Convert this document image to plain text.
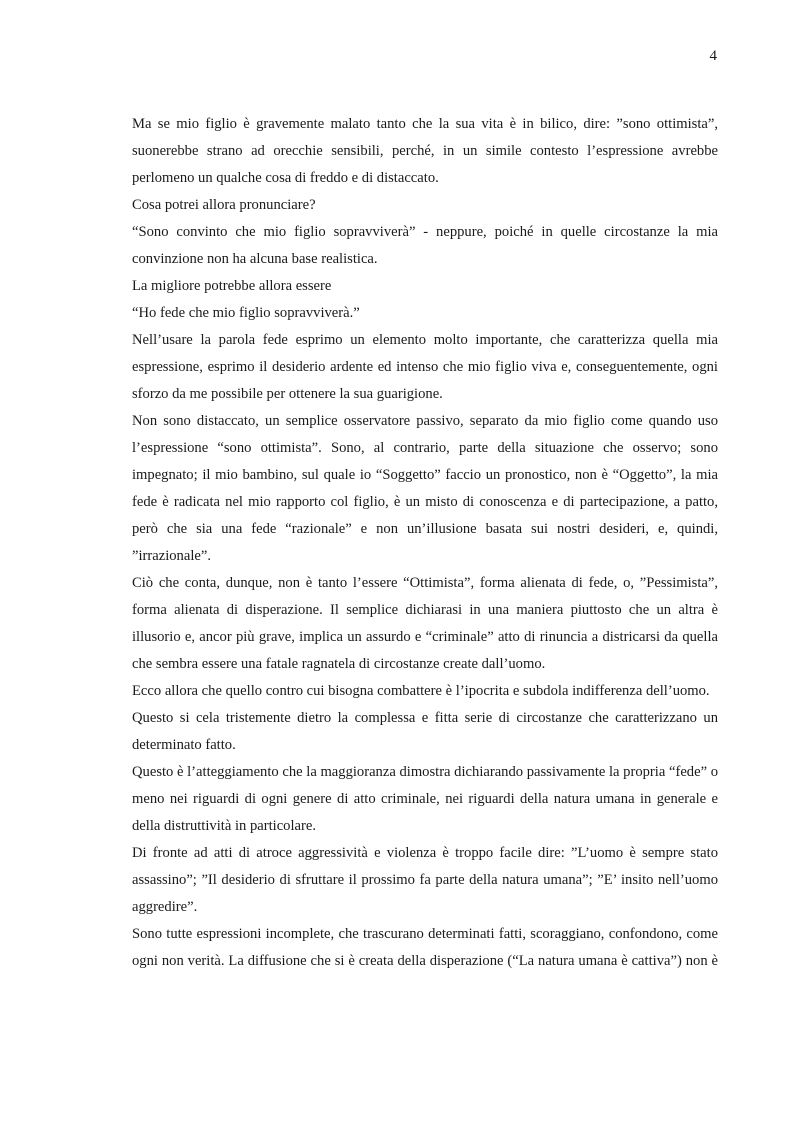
4

Ma se mio figlio è gravemente malato tanto che la sua vita è in bilico, dire: ”sono ottimista”, suonerebbe strano ad orecchie sensibili, perché, in un simile contesto l’espressione avrebbe perlomeno un qualche cosa di freddo e di distaccato.

Cosa potrei allora pronunciare?

“Sono convinto che mio figlio sopravviverà” - neppure, poiché in quelle circostanze la mia convinzione non ha alcuna base realistica.

La migliore potrebbe allora essere

“Ho fede che mio figlio sopravviverà.”

Nell’usare la parola fede esprimo un elemento molto importante, che caratterizza quella mia espressione, esprimo il desiderio ardente ed intenso che mio figlio viva e, conseguentemente, ogni sforzo da me possibile per ottenere la sua guarigione.

Non sono distaccato, un semplice osservatore passivo, separato da mio figlio come quando uso l’espressione “sono ottimista”. Sono, al contrario, parte della situazione che osservo; sono impegnato; il mio bambino, sul quale io “Soggetto” faccio un pronostico, non è “Oggetto”, la mia fede è radicata nel mio rapporto col figlio, è un misto di conoscenza e di partecipazione, a patto, però che sia una fede “razionale” e non un’illusione basata sui nostri desideri, e, quindi, ”irrazionale”.

Ciò che conta, dunque, non è tanto l’essere “Ottimista”, forma alienata di fede, o, ”Pessimista”, forma alienata di disperazione. Il semplice dichiarasi in una maniera piuttosto che un altra è illusorio e, ancor più grave, implica un assurdo e “criminale” atto di rinuncia a districarsi da quella che sembra essere una fatale ragnatela di circostanze create dall’uomo.

Ecco allora che quello contro cui bisogna combattere è l’ipocrita e subdola indifferenza dell’uomo.

Questo si cela tristemente dietro la complessa e fitta serie di circostanze che caratterizzano un determinato fatto.

Questo è l’atteggiamento che la maggioranza dimostra dichiarando passivamente la propria “fede” o meno nei riguardi di ogni genere di atto criminale, nei riguardi della natura umana in generale e della distruttività in particolare.

Di fronte ad atti di atroce aggressività e violenza è troppo facile dire: ”L’uomo è sempre stato assassino”; ”Il desiderio di sfruttare il prossimo fa parte della natura umana”; ”E’ insito nell’uomo aggredire”.

Sono tutte espressioni incomplete, che trascurano determinati fatti, scoraggiano, confondono, come ogni non verità. La diffusione che si è creata della disperazione (“La natura umana è cattiva”) non è
